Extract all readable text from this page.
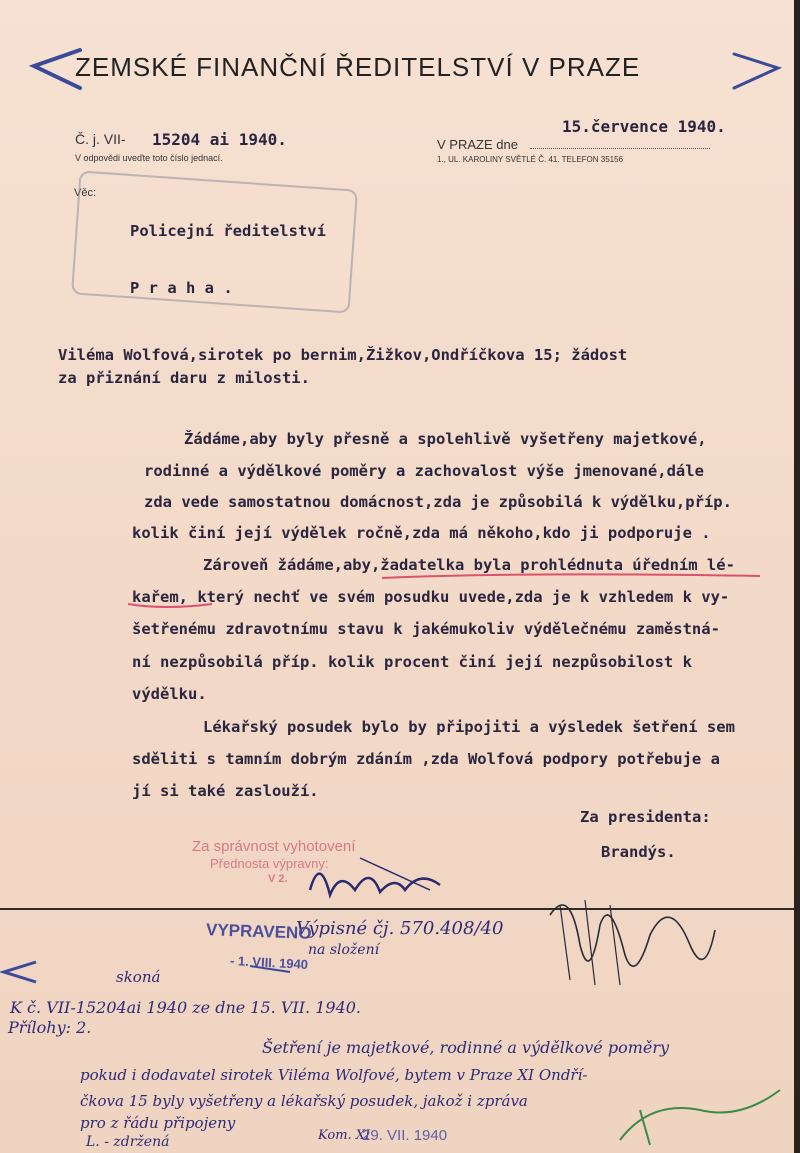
ZEMSKÉ FINANČNÍ ŘEDITELSTVÍ V PRAZE
Č. j. VII- 15204 ai 1940.
V odpovědi uveďte toto číslo jednací.
V PRAZE dne
15.července 1940.
1., UL. KAROLINY SVĚTLÉ Č. 41. TELEFON 35156
Věc:
Policejní ředitelství
P r a h a .
Viléma Wolfová,sirotek po bernim,Žižkov,Ondříčkova 15; žádost
za přiznání daru z milosti.
Žádáme,aby byly přesně a spolehlivě vyšetřeny majetkové,
rodinné a výdělkové poměry a zachovalost výše jmenované,dále
zda vede samostatnou domácnost,zda je způsobilá k výdělku,příp.
kolik činí její výdělek ročně,zda má někoho,kdo ji podporuje .
Zároveň žádáme,aby,žadatelka byla prohlédnuta úředním lé-
kařem, který nechť ve svém posudku uvede,zda je k vzhledem k vy-
šetřenému zdravotnímu stavu k jakémukoliv výdělečnému zaměstná-
ní nezpůsobilá příp. kolik procent činí její nezpůsobilost k
výdělku.
Lékařský posudek bylo by připojiti a výsledek šetření sem
sděliti s tamním dobrým zdáním ,zda Wolfová podpory potřebuje a
jí si také zaslouží.
Za presidenta:
Brandýs.
Za správnost vyhotovení
Přednosta výpravny:
V 2.
Výpisné čj. 570.408/40
na složení
VYPRAVENO
- 1. VIII. 1940
skoná
K č. VII-15204ai 1940 ze dne 15. VII. 1940.
Přílohy: 2.
Šetření je majetkové, rodinné a výdělkové poměry
pokud i dodavatel sirotek Viléma Wolfové, bytem v Praze XI Ondří-
čkova 15 byly vyšetřeny a lékařský posudek, jakož i zpráva
pro z řádu připojeny
L. - zdržená	Kom. XI
29. VII. 1940
